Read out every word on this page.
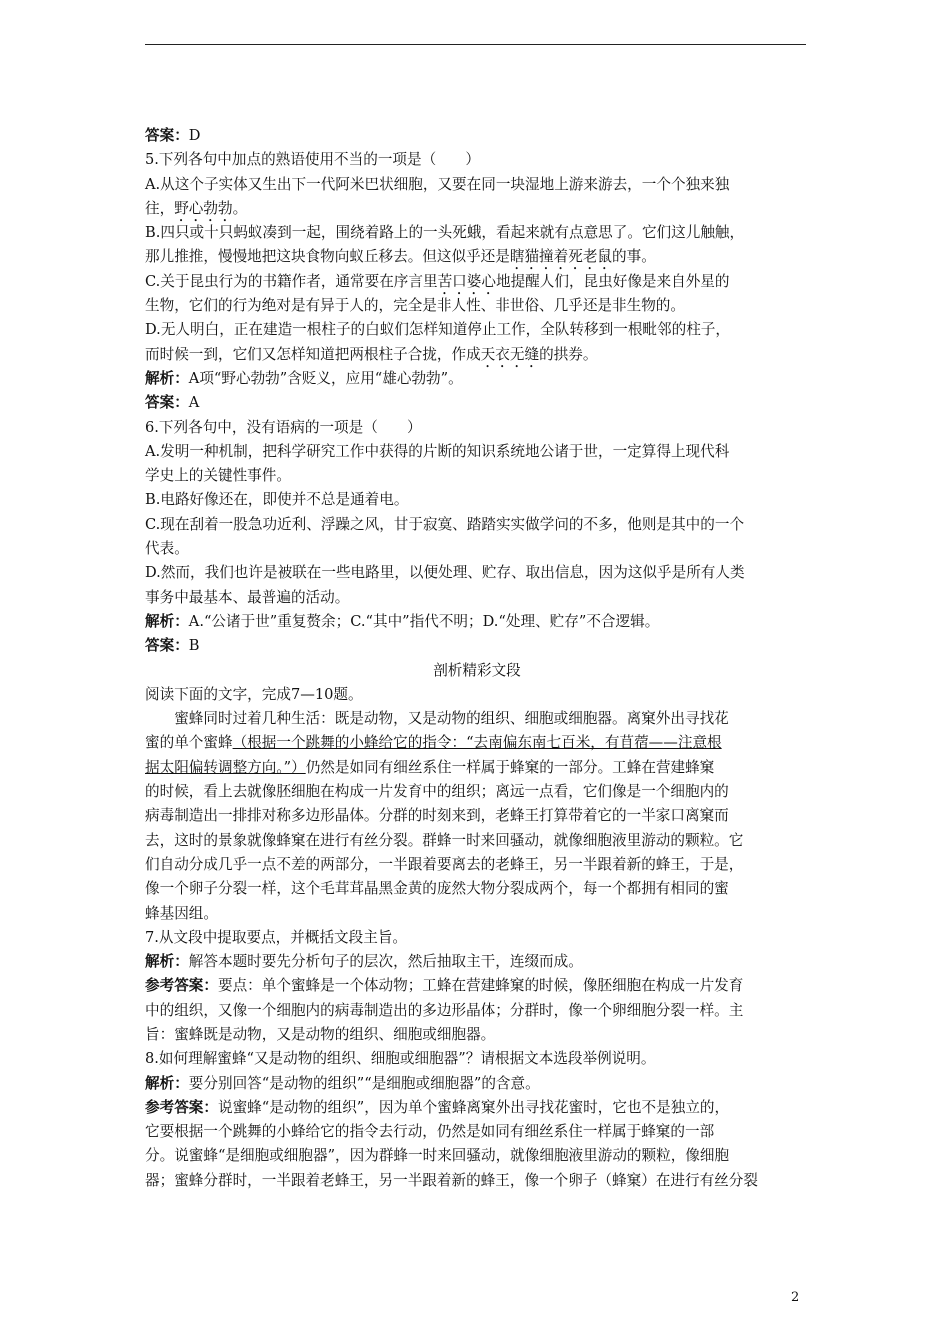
答案：D
5.下列各句中加点的熟语使用不当的一项是（　　）
A.从这个子实体又生出下一代阿米巴状细胞，又要在同一块湿地上游来游去，一个个独来独
往，野心勃勃。
B.四只或十只蚂蚁凑到一起，围绕着路上的一头死蛾，看起来就有点意思了。它们这儿触触，
那儿推推，慢慢地把这块食物向蚁丘移去。但这似乎还是瞎猫撞着死老鼠的事。
C.关于昆虫行为的书籍作者，通常要在序言里苦口婆心地提醒人们，昆虫好像是来自外星的
生物，它们的行为绝对是有异于人的，完全是非人性、非世俗、几乎还是非生物的。
D.无人明白，正在建造一根柱子的白蚁们怎样知道停止工作，全队转移到一根毗邻的柱子，
而时候一到，它们又怎样知道把两根柱子合拢，作成天衣无缝的拱券。
解析：A项“野心勃勃”含贬义，应用“雄心勃勃”。
答案：A
6.下列各句中，没有语病的一项是（　　）
A.发明一种机制，把科学研究工作中获得的片断的知识系统地公诸于世，一定算得上现代科
学史上的关键性事件。
B.电路好像还在，即使并不总是通着电。
C.现在刮着一股急功近利、浮躁之风，甘于寂寞、踏踏实实做学问的不多，他则是其中的一个
代表。
D.然而，我们也许是被联在一些电路里，以便处理、贮存、取出信息，因为这似乎是所有人类
事务中最基本、最普遍的活动。
解析：A.“公诸于世”重复赘余；C.“其中”指代不明；D.“处理、贮存”不合逻辑。
答案：B
剖析精彩文段
阅读下面的文字，完成7—10题。
蜜蜂同时过着几种生活：既是动物，又是动物的组织、细胞或细胞器。离窠外出寻找花
蜜的单个蜜蜂（根据一个跳舞的小蜂给它的指令：“去南偏东南七百米，有苜蓿——注意根
据太阳偏转调整方向。”）仍然是如同有细丝系住一样属于蜂窠的一部分。工蜂在营建蜂窠
的时候，看上去就像胚细胞在构成一片发育中的组织；离远一点看，它们像是一个细胞内的
病毒制造出一排排对称多边形晶体。分群的时刻来到，老蜂王打算带着它的一半家口离窠而
去，这时的景象就像蜂窠在进行有丝分裂。群蜂一时来回骚动，就像细胞液里游动的颗粒。它
们自动分成几乎一点不差的两部分，一半跟着要离去的老蜂王，另一半跟着新的蜂王，于是，
像一个卵子分裂一样，这个毛茸茸晶黑金黄的庞然大物分裂成两个，每一个都拥有相同的蜜
蜂基因组。
7.从文段中提取要点，并概括文段主旨。
解析：解答本题时要先分析句子的层次，然后抽取主干，连缀而成。
参考答案：要点：单个蜜蜂是一个体动物；工蜂在营建蜂窠的时候，像胚细胞在构成一片发育
中的组织，又像一个细胞内的病毒制造出的多边形晶体；分群时，像一个卵细胞分裂一样。主
旨：蜜蜂既是动物，又是动物的组织、细胞或细胞器。
8.如何理解蜜蜂“又是动物的组织、细胞或细胞器”？请根据文本选段举例说明。
解析：要分别回答“是动物的组织”“是细胞或细胞器”的含意。
参考答案：说蜜蜂“是动物的组织”，因为单个蜜蜂离窠外出寻找花蜜时，它也不是独立的，
它要根据一个跳舞的小蜂给它的指令去行动，仍然是如同有细丝系住一样属于蜂窠的一部
分。说蜜蜂“是细胞或细胞器”，因为群蜂一时来回骚动，就像细胞液里游动的颗粒，像细胞
器；蜜蜂分群时，一半跟着老蜂王，另一半跟着新的蜂王，像一个卵子（蜂窠）在进行有丝分裂
2
